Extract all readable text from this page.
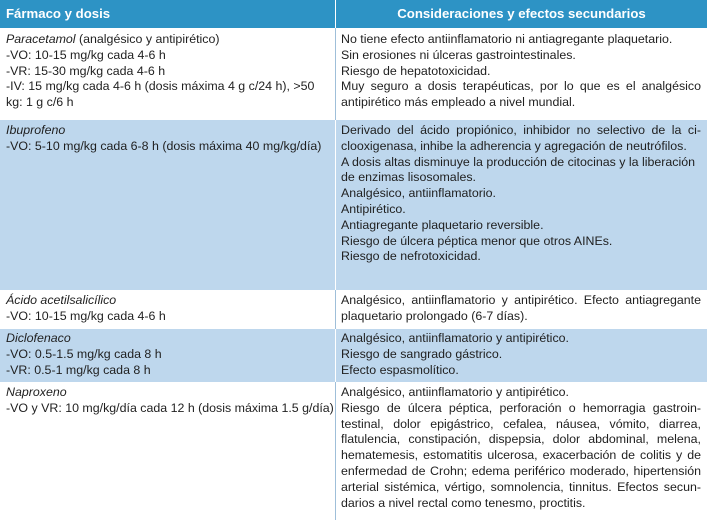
Fármaco y dosis	Consideraciones y efectos secundarios
Paracetamol (analgésico y antipirético)
-VO: 10-15 mg/kg cada 4-6 h
-VR: 15-30 mg/kg cada 4-6 h
-IV: 15 mg/kg cada 4-6 h (dosis máxima 4 g c/24 h), >50
kg: 1 g c/6 h
No tiene efecto antiinflamatorio ni antiagregante plaquetario.
Sin erosiones ni úlceras gastrointestinales.
Riesgo de hepatotoxicidad.
Muy seguro a dosis terapéuticas, por lo que es el analgésico
antipirético más empleado a nivel mundial.
Ibuprofeno
-VO: 5-10 mg/kg cada 6-8 h (dosis máxima 40 mg/kg/día)
Derivado del ácido propiónico, inhibidor no selectivo de la ci-
clooxigenasa, inhibe la adherencia y agregación de neutrófilos.
A dosis altas disminuye la producción de citocinas y la liberación
de enzimas lisosomales.
Analgésico, antiinflamatorio.
Antipirético.
Antiagregante plaquetario reversible.
Riesgo de úlcera péptica menor que otros AINEs.
Riesgo de nefrotoxicidad.
Ácido acetilsalicílico
-VO: 10-15 mg/kg cada 4-6 h
Analgésico, antiinflamatorio y antipirético. Efecto antiagregante
plaquetario prolongado (6-7 días).
Diclofenaco
-VO: 0.5-1.5 mg/kg cada 8 h
-VR: 0.5-1 mg/kg cada 8 h
Analgésico, antiinflamatorio y antipirético.
Riesgo de sangrado gástrico.
Efecto espasmolítico.
Naproxeno
-VO y VR: 10 mg/kg/día cada 12 h (dosis máxima 1.5 g/día)
Analgésico, antiinflamatorio y antipirético.
Riesgo de úlcera péptica, perforación o hemorragia gastroin-
testinal, dolor epigástrico, cefalea, náusea, vómito, diarrea,
flatulencia, constipación, dispepsia, dolor abdominal, melena,
hematemesis, estomatitis ulcerosa, exacerbación de colitis y de
enfermedad de Crohn; edema periférico moderado, hipertensión
arterial sistémica, vértigo, somnolencia, tinnitus. Efectos secun-
darios a nivel rectal como tenesmo, proctitis.
